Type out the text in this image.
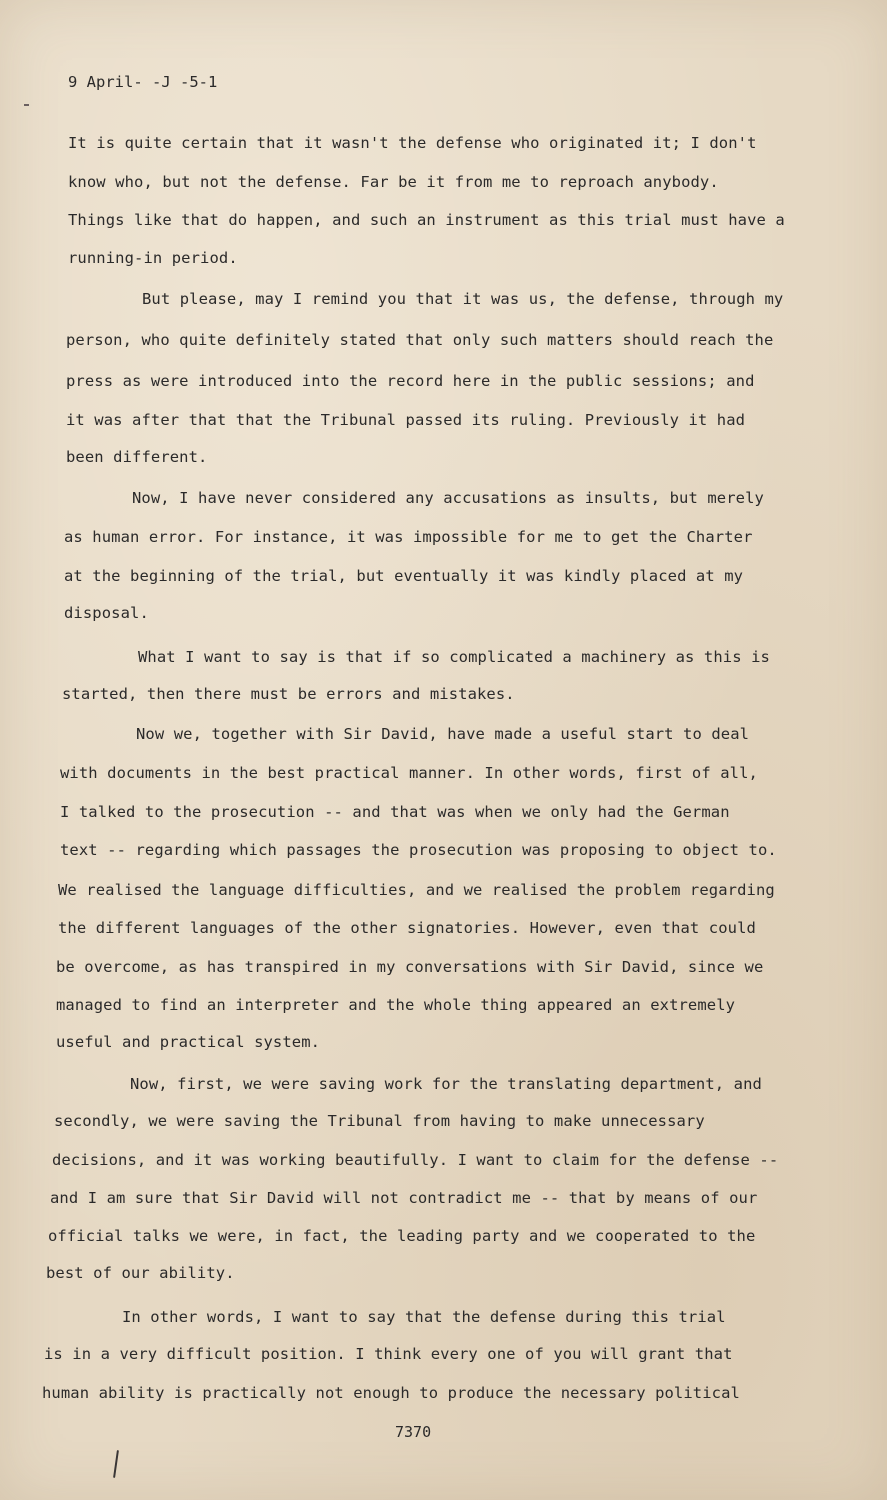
9 April- -J -5-1
It is quite certain that it wasn't the defense who originated it; I don't
know who, but not the defense. Far be it from me to reproach anybody.
Things like that do happen, and such an instrument as this trial must have a
running-in period.
But please, may I remind you that it was us, the defense, through my
person, who quite definitely stated that only such matters should reach the
press as were introduced into the record here in the public sessions; and
it was after that that the Tribunal passed its ruling. Previously it had
been different.
Now, I have never considered any accusations as insults, but merely
as human error. For instance, it was impossible for me to get the Charter
at the beginning of the trial, but eventually it was kindly placed at my
disposal.
What I want to say is that if so complicated a machinery as this is
started, then there must be errors and mistakes.
Now we, together with Sir David, have made a useful start to deal
with documents in the best practical manner. In other words, first of all,
I talked to the prosecution -- and that was when we only had the German
text -- regarding which passages the prosecution was proposing to object to.
We realised the language difficulties, and we realised the problem regarding
the different languages of the other signatories. However, even that could
be overcome, as has transpired in my conversations with Sir David, since we
managed to find an interpreter and the whole thing appeared an extremely
useful and practical system.
Now, first, we were saving work for the translating department, and
secondly, we were saving the Tribunal from having to make unnecessary
decisions, and it was working beautifully. I want to claim for the defense --
and I am sure that Sir David will not contradict me -- that by means of our
official talks we were, in fact, the leading party and we cooperated to the
best of our ability.
In other words, I want to say that the defense during this trial
is in a very difficult position. I think every one of you will grant that
human ability is practically not enough to produce the necessary political
7370
